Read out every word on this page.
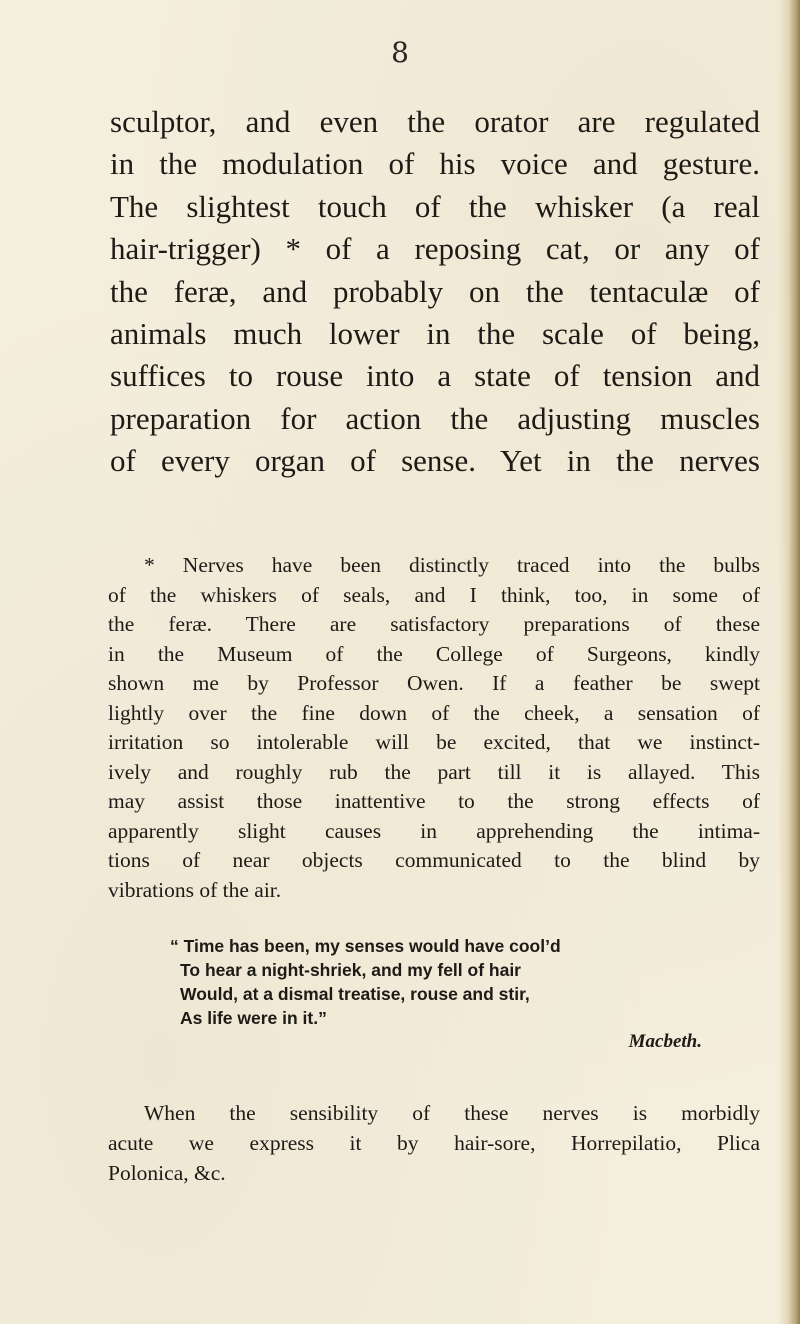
8
sculptor, and even the orator are regulated
in the modulation of his voice and gesture.
The slightest touch of the whisker (a real
hair-trigger) * of a reposing cat, or any of
the feræ, and probably on the tentaculæ of
animals much lower in the scale of being,
suffices to rouse into a state of tension and
preparation for action the adjusting muscles
of every organ of sense. Yet in the nerves
* Nerves have been distinctly traced into the bulbs
of the whiskers of seals, and I think, too, in some of
the feræ. There are satisfactory preparations of these
in the Museum of the College of Surgeons, kindly
shown me by Professor Owen. If a feather be swept
lightly over the fine down of the cheek, a sensation of
irritation so intolerable will be excited, that we instinct-
ively and roughly rub the part till it is allayed. This
may assist those inattentive to the strong effects of
apparently slight causes in apprehending the intima-
tions of near objects communicated to the blind by
vibrations of the air.
“ Time has been, my senses would have cool’d
To hear a night-shriek, and my fell of hair
Would, at a dismal treatise, rouse and stir,
As life were in it.”
Macbeth.
When the sensibility of these nerves is morbidly
acute we express it by hair-sore, Horrepilatio, Plica
Polonica, &c.
